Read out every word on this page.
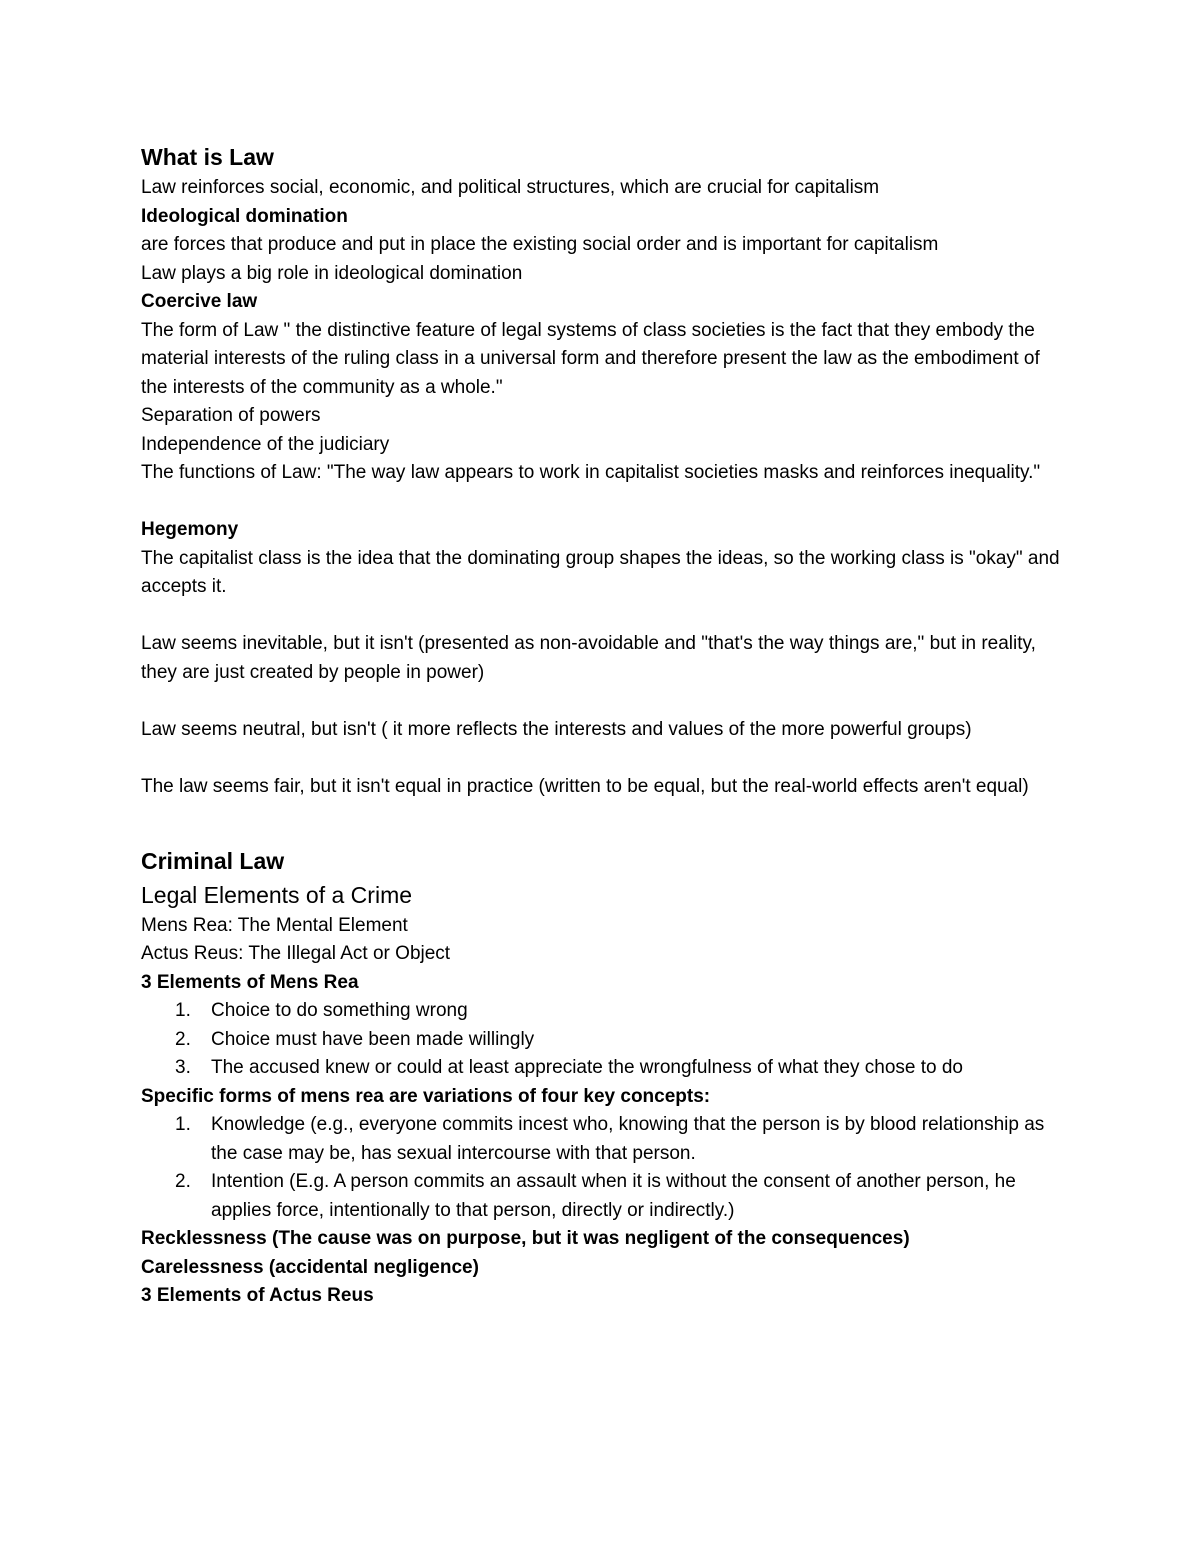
What is Law

Law reinforces social, economic, and political structures, which are crucial for capitalism

Ideological domination

are forces that produce and put in place the existing social order and is important for capitalism

Law plays a big role in ideological domination

Coercive law

The form of Law " the distinctive feature of legal systems of class societies is the fact that they embody the material interests of the ruling class in a universal form and therefore present the law as the embodiment of the interests of the community as a whole."

Separation of powers

Independence of the judiciary

The functions of Law: "The way law appears to work in capitalist societies masks and reinforces inequality."

Hegemony

The capitalist class is the idea that the dominating group shapes the ideas, so the working class is "okay" and accepts it.

Law seems inevitable, but it isn't (presented as non-avoidable and "that's the way things are," but in reality, they are just created by people in power)

Law seems neutral, but isn't ( it more reflects the interests and values of the more powerful groups)

The law seems fair, but it isn't equal in practice (written to be equal, but the real-world effects aren't equal)

Criminal Law
Legal Elements of a Crime

Mens Rea: The Mental Element

Actus Reus: The Illegal Act or Object

3 Elements of Mens Rea

1. Choice to do something wrong
2. Choice must have been made willingly
3. The accused knew or could at least appreciate the wrongfulness of what they chose to do

Specific forms of mens rea are variations of four key concepts:

1. Knowledge (e.g., everyone commits incest who, knowing that the person is by blood relationship as the case may be, has sexual intercourse with that person.
2. Intention (E.g. A person commits an assault when it is without the consent of another person, he applies force, intentionally to that person, directly or indirectly.)

Recklessness (The cause was on purpose, but it was negligent of the consequences)

Carelessness (accidental negligence)

3 Elements of Actus Reus
